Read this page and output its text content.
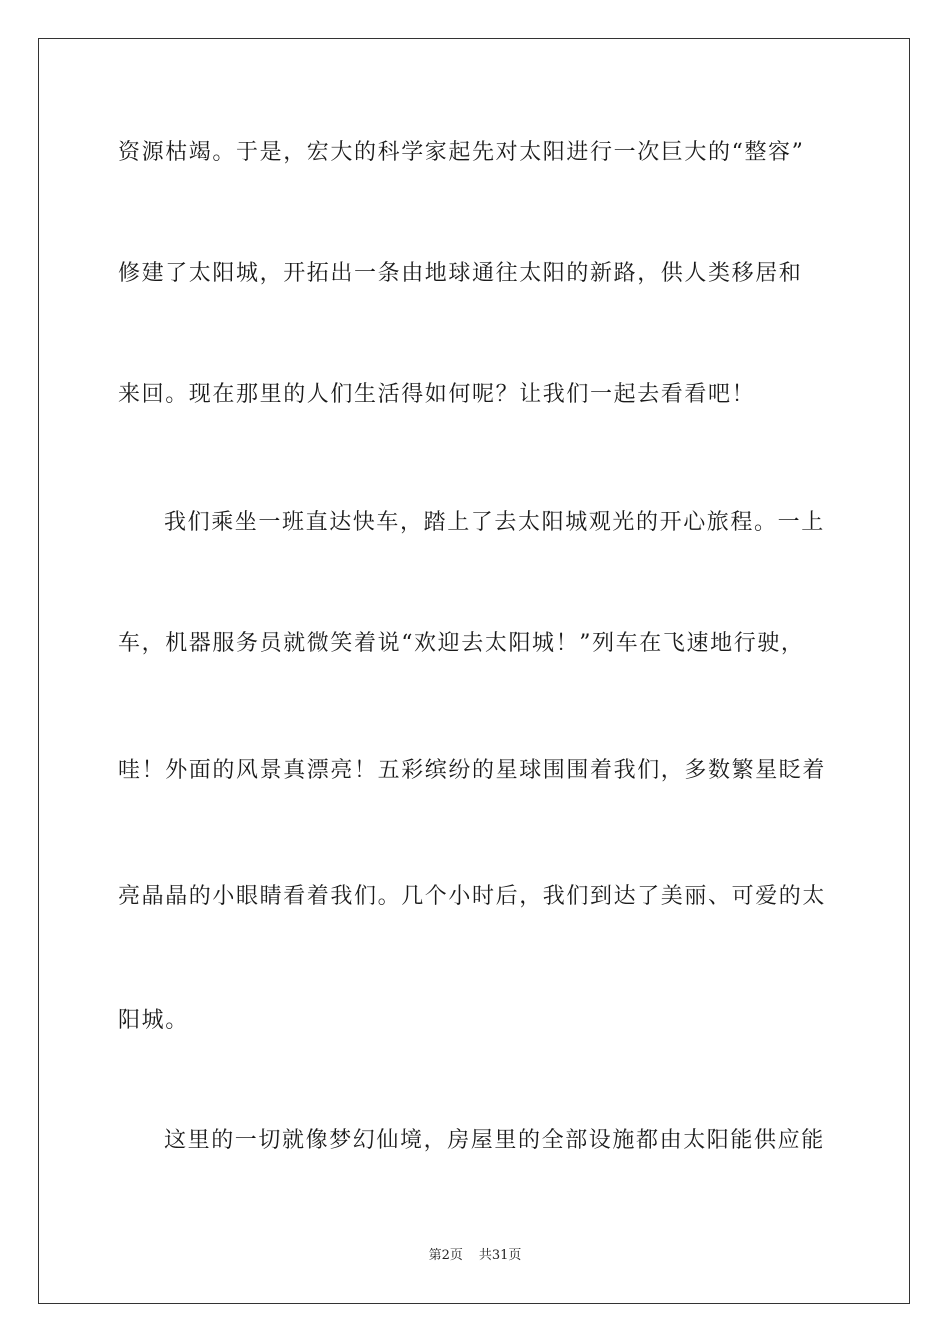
资源枯竭。于是，宏大的科学家起先对太阳进行一次巨大的“整容”
修建了太阳城，开拓出一条由地球通往太阳的新路，供人类移居和
来回。现在那里的人们生活得如何呢？让我们一起去看看吧！
我们乘坐一班直达快车，踏上了去太阳城观光的开心旅程。一上
车，机器服务员就微笑着说“欢迎去太阳城！”列车在飞速地行驶，
哇！外面的风景真漂亮！五彩缤纷的星球围围着我们，多数繁星眨着
亮晶晶的小眼睛看着我们。几个小时后，我们到达了美丽、可爱的太
阳城。
这里的一切就像梦幻仙境，房屋里的全部设施都由太阳能供应能
第2页 共31页
